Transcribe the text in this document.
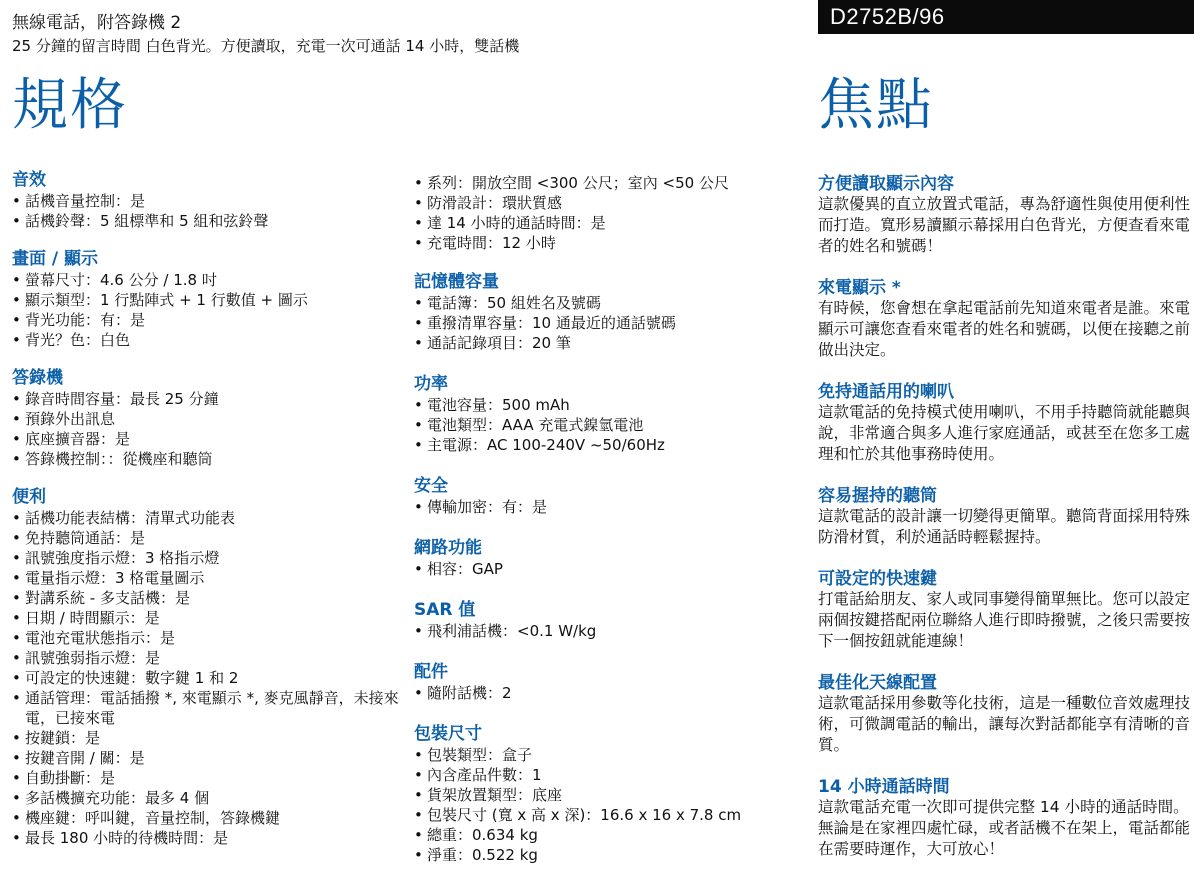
無線電話，附答錄機 2
25 分鐘的留言時間 白色背光。方便讀取，充電一次可通話 14 小時，雙話機
D2752B/96
規格	焦點
音效
• 話機音量控制：是
• 話機鈴聲：5 組標準和 5 組和弦鈴聲
畫面 / 顯示
• 螢幕尺寸：4.6 公分 / 1.8 吋
• 顯示類型：1 行點陣式 + 1 行數值 + 圖示
• 背光功能：有：是
• 背光？色：白色
答錄機
• 錄音時間容量：最長 25 分鐘
• 預錄外出訊息
• 底座擴音器：是
• 答錄機控制：：從機座和聽筒
便利
• 話機功能表結構：清單式功能表
• 免持聽筒通話：是
• 訊號強度指示燈：3 格指示燈
• 電量指示燈：3 格電量圖示
• 對講系統 - 多支話機：是
• 日期 / 時間顯示：是
• 電池充電狀態指示：是
• 訊號強弱指示燈：是
• 可設定的快速鍵：數字鍵 1 和 2
• 通話管理：電話插撥 *, 來電顯示 *, 麥克風靜音，未接來電，已接來電
• 按鍵鎖：是
• 按鍵音開 / 關：是
• 自動掛斷：是
• 多話機擴充功能：最多 4 個
• 機座鍵：呼叫鍵，音量控制，答錄機鍵
• 最長 180 小時的待機時間：是
• 系列：開放空間 <300 公尺；室內 <50 公尺
• 防滑設計：環狀質感
• 達 14 小時的通話時間：是
• 充電時間：12 小時
記憶體容量
• 電話簿：50 組姓名及號碼
• 重撥清單容量：10 通最近的通話號碼
• 通話記錄項目：20 筆
功率
• 電池容量：500 mAh
• 電池類型：AAA 充電式鎳氫電池
• 主電源：AC 100-240V ~50/60Hz
安全
• 傳輸加密：有：是
網路功能
• 相容：GAP
SAR 值
• 飛利浦話機：<0.1 W/kg
配件
• 隨附話機：2
包裝尺寸
• 包裝類型：盒子
• 內含產品件數：1
• 貨架放置類型：底座
• 包裝尺寸 (寬 x 高 x 深)：16.6 x 16 x 7.8 cm
• 總重：0.634 kg
• 淨重：0.522 kg
方便讀取顯示內容
這款優異的直立放置式電話，專為舒適性與使用便利性而打造。寬形易讀顯示幕採用白色背光，方便查看來電者的姓名和號碼！
來電顯示 *
有時候，您會想在拿起電話前先知道來電者是誰。來電顯示可讓您查看來電者的姓名和號碼，以便在接聽之前做出決定。
免持通話用的喇叭
這款電話的免持模式使用喇叭，不用手持聽筒就能聽與說，非常適合與多人進行家庭通話，或甚至在您多工處理和忙於其他事務時使用。
容易握持的聽筒
這款電話的設計讓一切變得更簡單。聽筒背面採用特殊防滑材質，利於通話時輕鬆握持。
可設定的快速鍵
打電話給朋友、家人或同事變得簡單無比。您可以設定兩個按鍵搭配兩位聯絡人進行即時撥號，之後只需要按下一個按鈕就能連線！
最佳化天線配置
這款電話採用參數等化技術，這是一種數位音效處理技術，可微調電話的輸出，讓每次對話都能享有清晰的音質。
14 小時通話時間
這款電話充電一次即可提供完整 14 小時的通話時間。無論是在家裡四處忙碌，或者話機不在架上，電話都能在需要時運作，大可放心！
